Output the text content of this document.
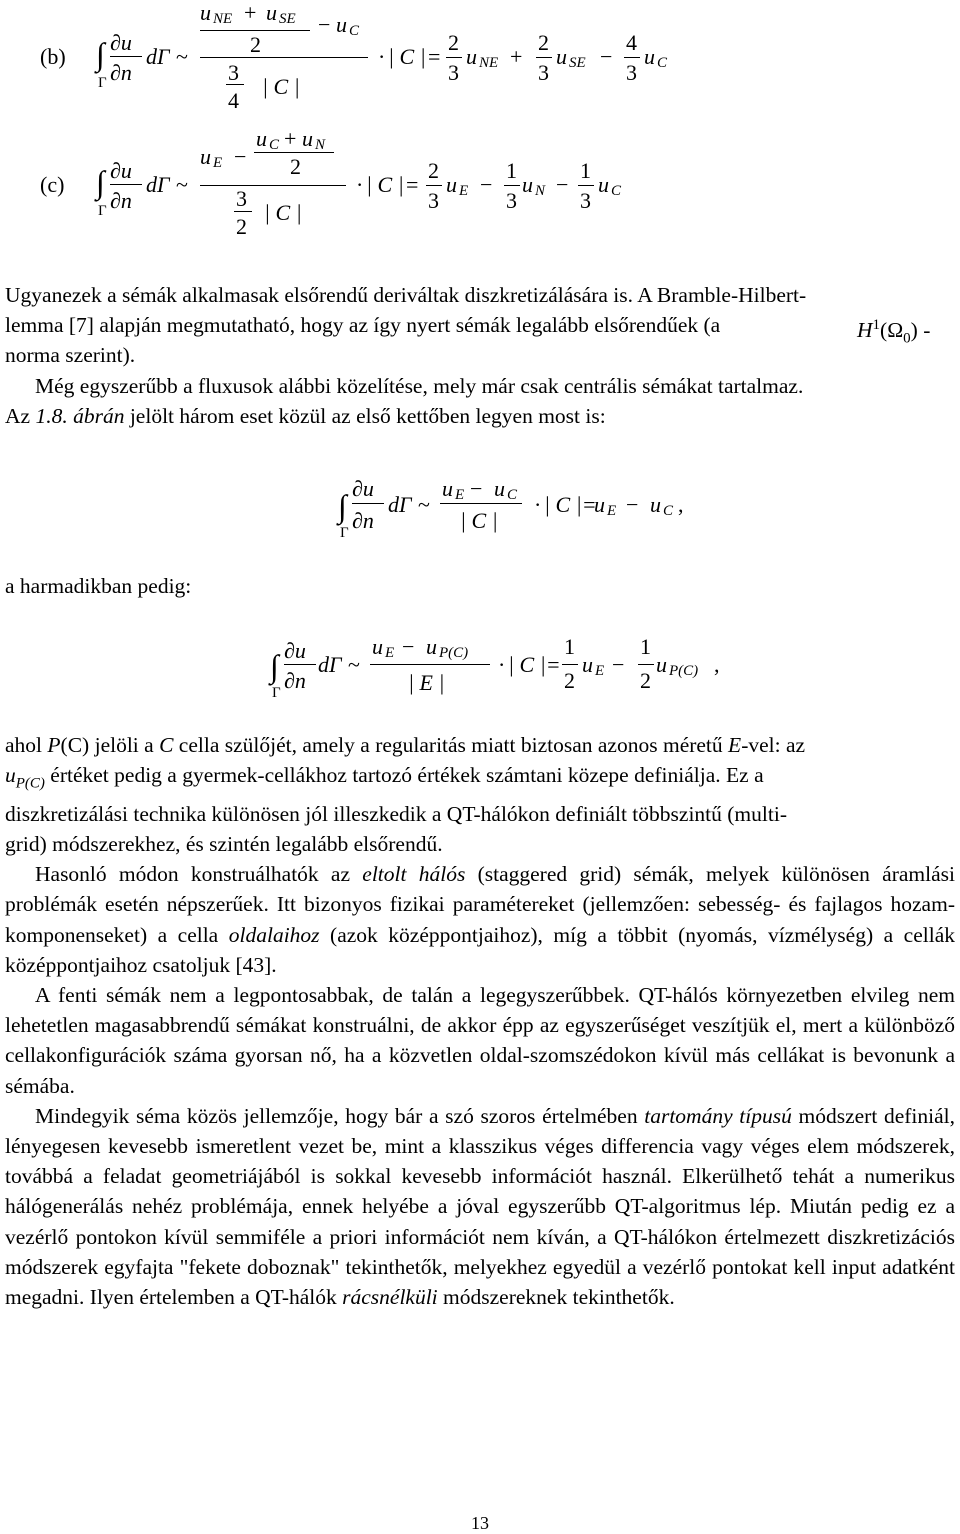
(b) ∫
Γ
∂u
∂n
dΓ ~
u NE + u SE − u C
2
3
4
| C |
· | C | =
2
3
u NE +
2
3
u SE −
4
3
u C
(c) ∫
Γ
∂u
∂n
dΓ ~
u E −
u C + u N
2
3
2
| C |
· | C | =
2
3
u E −
1
3
u N −
1
3
u C
Ugyanezek a sémák alkalmasak elsőrendű deriváltak diszkretizálására is. A Bramble-Hilbert-
lemma [7] alapján megmutatható, hogy az így nyert sémák legalább elsőrendűek (a	$H^1(\Omega_0)$ -
norma szerint).
Még egyszerűbb a fluxusok alábbi közelítése, mely már csak centrális sémákat tartalmaz.
Az 1.8. ábrán jelölt három eset közül az első kettőben legyen most is:
∫
Γ
∂u
∂n
dΓ ~
u E − u C
| C |
· | C |=
u E − u C ,
a harmadikban pedig:
∫
Γ
∂u
∂n
dΓ ~
u E − u P(C)
| E |
· | C |=
1
2
u E −
1
2
u P(C) ,

ahol P(C) jelöli a C cella szülőjét, amely a regularitás miatt biztosan azonos méretű E-vel: az
$u_{P(C)}$ értéket pedig a gyermek-cellákhoz tartozó értékek számtani közepe definiálja. Ez a
diszkretizálási technika különösen jól illeszkedik a QT-hálókon definiált többszintű (multi-
grid) módszerekhez, és szintén legalább elsőrendű.

Hasonló módon konstruálhatók az eltolt hálós (staggered grid) sémák, melyek különösen áramlási problémák esetén népszerűek. Itt bizonyos fizikai paramétereket (jellemzően: sebesség- és fajlagos hozam-komponenseket) a cella oldalaihoz (azok középpontjaihoz), míg a többit (nyomás, vízmélység) a cellák középpontjaihoz csatoljuk [43].

A fenti sémák nem a legpontosabbak, de talán a legegyszerűbbek. QT-hálós környezetben elvileg nem lehetetlen magasabbrendű sémákat konstruálni, de akkor épp az egyszerűséget veszítjük el, mert a különböző cellakonfigurációk száma gyorsan nő, ha a közvetlen oldal-szomszédokon kívül más cellákat is bevonunk a sémába.

Mindegyik séma közös jellemzője, hogy bár a szó szoros értelmében tartomány típusú módszert definiál, lényegesen kevesebb ismeretlent vezet be, mint a klasszikus véges differencia vagy véges elem módszerek, továbbá a feladat geometriájából is sokkal kevesebb információt használ. Elkerülhető tehát a numerikus hálógenerálás nehéz problémája, ennek helyébe a jóval egyszerűbb QT-algoritmus lép. Miután pedig ez a vezérlő pontokon kívül semmiféle a priori információt nem kíván, a QT-hálókon értelmezett diszkretizációs módszerek egyfajta "fekete doboznak" tekinthetők, melyekhez egyedül a vezérlő pontokat kell input adatként megadni. Ilyen értelemben a QT-hálók rácsnélküli módszereknek tekinthetők.

13
